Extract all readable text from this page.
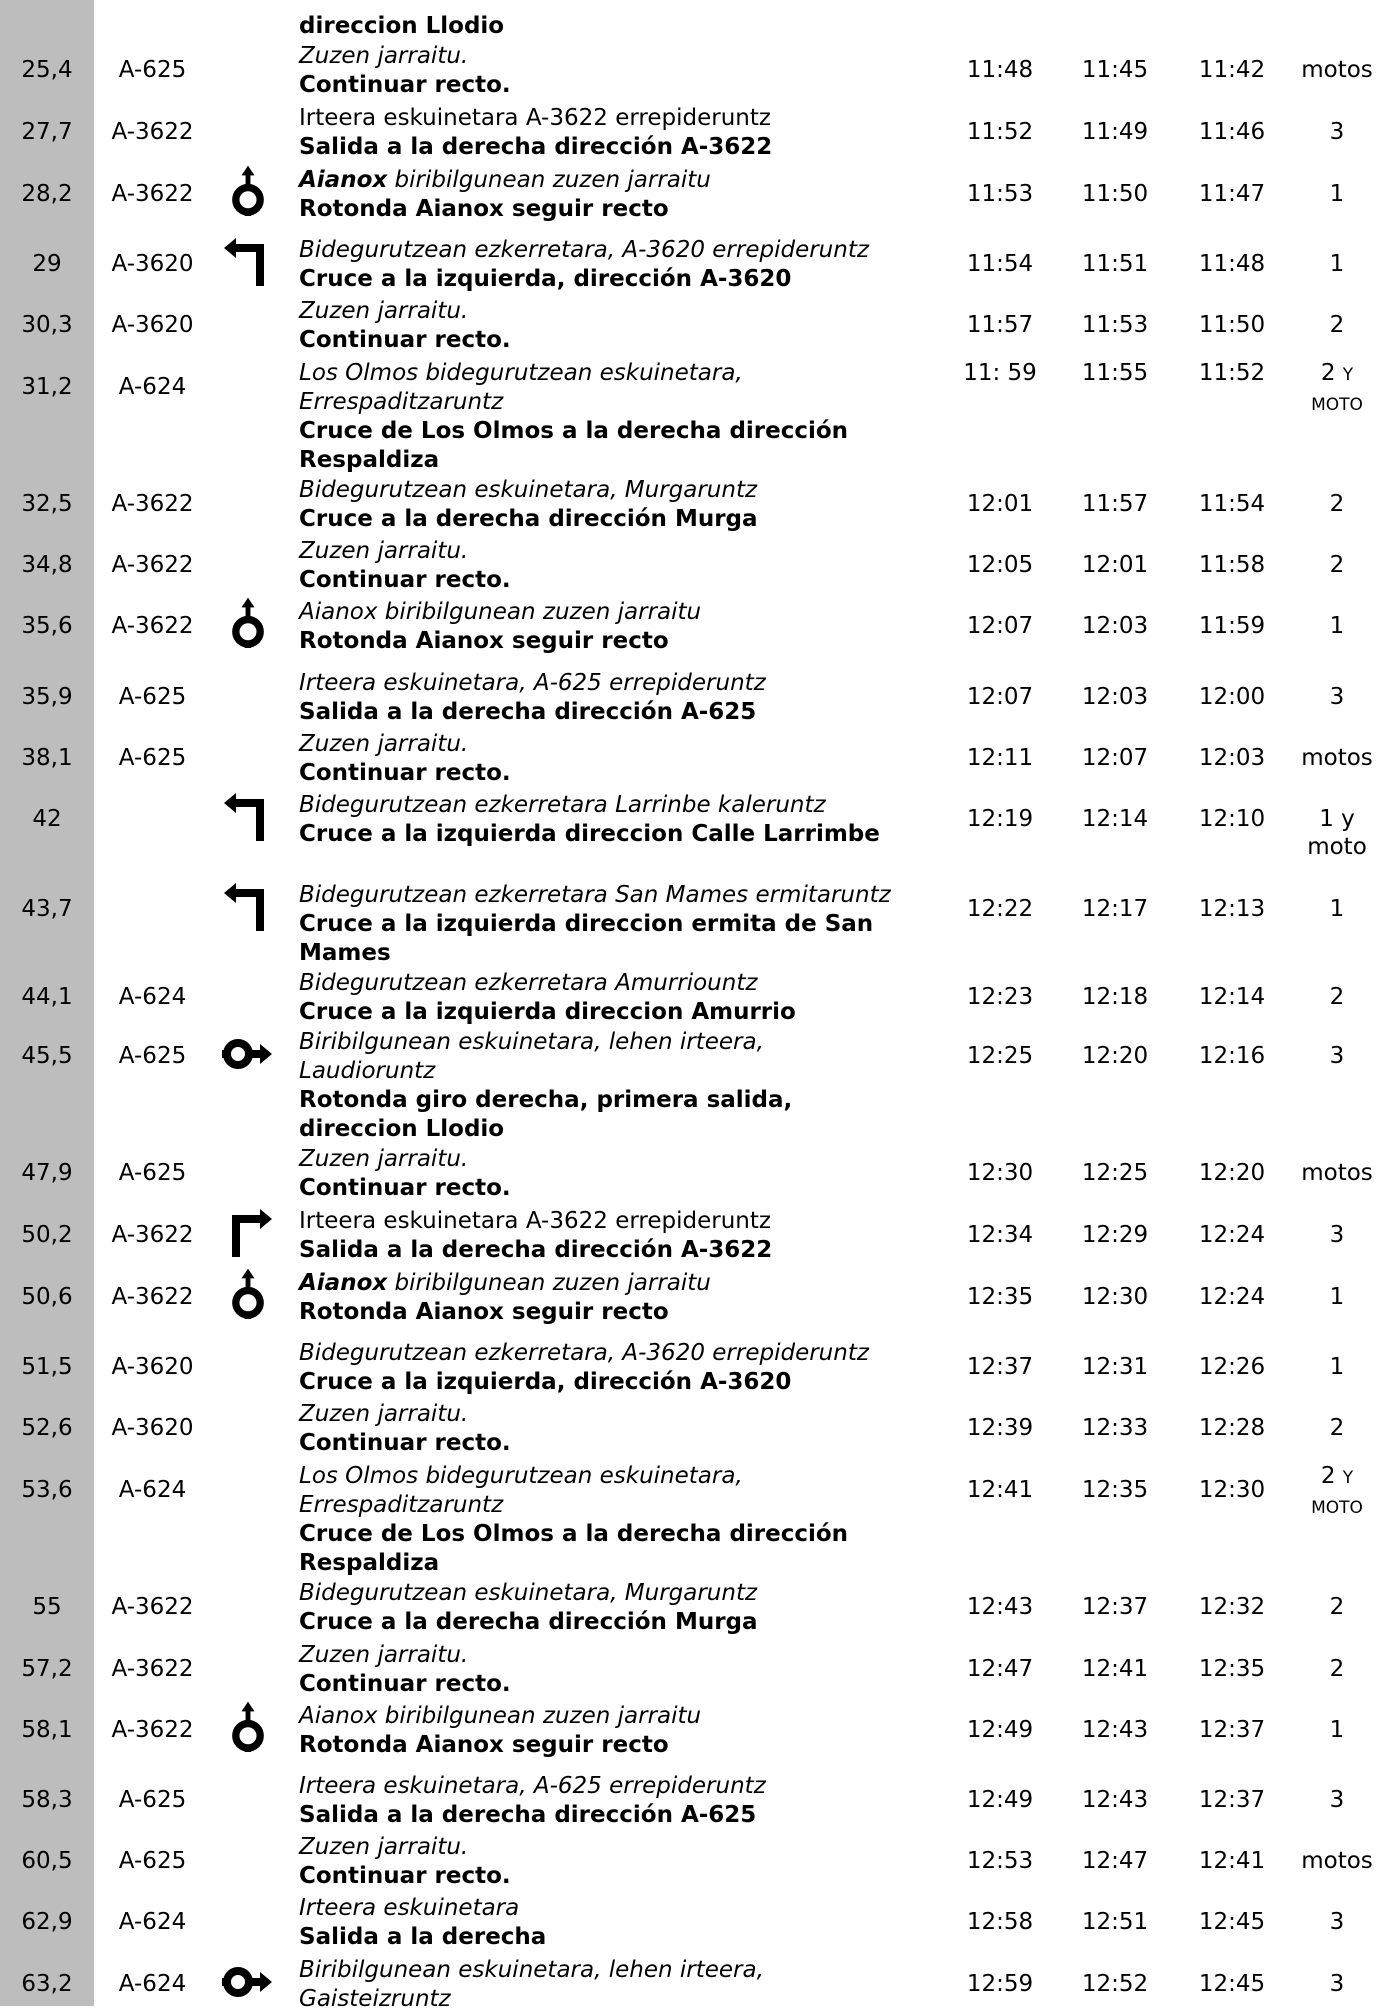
direccion Llodio
25,4	A-625
Zuzen jarraitu.
Continuar recto.
11:48	11:45	11:42	motos
27,7	A-3622
Irteera eskuinetara A-3622 errepideruntz
Salida a la derecha dirección A-3622
11:52	11:49	11:46	3
28,2	A-3622
Aianox biribilgunean zuzen jarraitu
Rotonda Aianox seguir recto
11:53	11:50	11:47	1
29	A-3620
Bidegurutzean ezkerretara, A-3620 errepideruntz
Cruce a la izquierda, dirección A-3620
11:54	11:51	11:48	1
30,3	A-3620
Zuzen jarraitu.
Continuar recto.
11:57	11:53	11:50	2
31,2	A-624
Los Olmos bidegurutzean eskuinetara,
Errespaditzaruntz
Cruce de Los Olmos a la derecha dirección
Respaldiza
11: 59	11:55	11:52	2 Y
MOTO
32,5	A-3622
Bidegurutzean eskuinetara, Murgaruntz
Cruce a la derecha dirección Murga
12:01	11:57	11:54	2
34,8	A-3622
Zuzen jarraitu.
Continuar recto.
12:05	12:01	11:58	2
35,6	A-3622
Aianox biribilgunean zuzen jarraitu
Rotonda Aianox seguir recto
12:07	12:03	11:59	1
35,9	A-625
Irteera eskuinetara, A-625 errepideruntz
Salida a la derecha dirección A-625
12:07	12:03	12:00	3
38,1	A-625
Zuzen jarraitu.
Continuar recto.
12:11	12:07	12:03	motos
42
Bidegurutzean ezkerretara Larrinbe kaleruntz
Cruce a la izquierda direccion Calle Larrimbe
12:19	12:14	12:10	1 y
moto
43,7
Bidegurutzean ezkerretara San Mames ermitaruntz
Cruce a la izquierda direccion ermita de San
Mames
12:22	12:17	12:13	1
44,1	A-624
Bidegurutzean ezkerretara Amurriountz
Cruce a la izquierda direccion Amurrio
12:23	12:18	12:14	2
45,5	A-625
Biribilgunean eskuinetara, lehen irteera,
Laudioruntz
Rotonda giro derecha, primera salida,
direccion Llodio
12:25	12:20	12:16	3
47,9	A-625
Zuzen jarraitu.
Continuar recto.
12:30	12:25	12:20	motos
50,2	A-3622
Irteera eskuinetara A-3622 errepideruntz
Salida a la derecha dirección A-3622
12:34	12:29	12:24	3
50,6	A-3622
Aianox biribilgunean zuzen jarraitu
Rotonda Aianox seguir recto
12:35	12:30	12:24	1
51,5	A-3620
Bidegurutzean ezkerretara, A-3620 errepideruntz
Cruce a la izquierda, dirección A-3620
12:37	12:31	12:26	1
52,6	A-3620
Zuzen jarraitu.
Continuar recto.
12:39	12:33	12:28	2
53,6	A-624
Los Olmos bidegurutzean eskuinetara,
Errespaditzaruntz
Cruce de Los Olmos a la derecha dirección
Respaldiza
12:41	12:35	12:30
2 Y
MOTO
55	A-3622
Bidegurutzean eskuinetara, Murgaruntz
Cruce a la derecha dirección Murga
12:43	12:37	12:32	2
57,2	A-3622
Zuzen jarraitu.
Continuar recto.
12:47	12:41	12:35	2
58,1	A-3622
Aianox biribilgunean zuzen jarraitu
Rotonda Aianox seguir recto
12:49	12:43	12:37	1
58,3	A-625
Irteera eskuinetara, A-625 errepideruntz
Salida a la derecha dirección A-625
12:49	12:43	12:37	3
60,5	A-625
Zuzen jarraitu.
Continuar recto.
12:53	12:47	12:41	motos
62,9	A-624
Irteera eskuinetara
Salida a la derecha
12:58	12:51	12:45	3
63,2	A-624
Biribilgunean eskuinetara, lehen irteera,
Gaisteizruntz
12:59	12:52	12:45	3
